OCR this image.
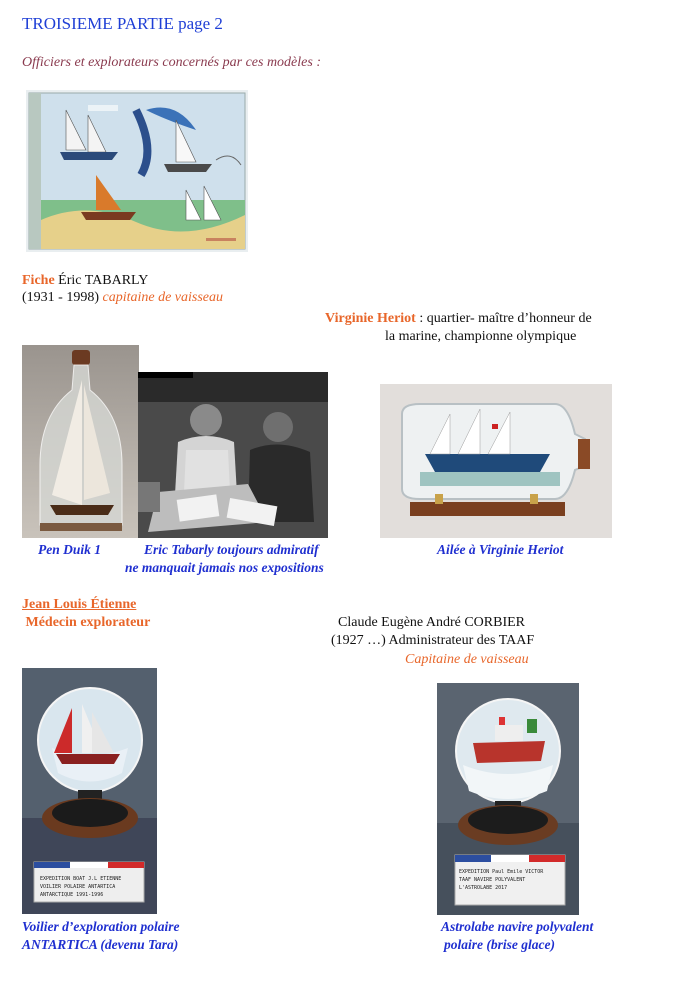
TROISIEME PARTIE page 2
Officiers et explorateurs concernés par ces modèles :
Fiche Éric TABARLY
(1931 - 1998) capitaine de vaisseau
Virginie Heriot : quartier- maître d’honneur de
la marine, championne olympique
Pen Duik 1	Eric Tabarly toujours admiratif
ne manquait jamais nos expositions
Ailée à Virginie Heriot
Jean Louis Étienne
Médecin explorateur	Claude Eugène André CORBIER
(1927 …) Administrateur des TAAF
Capitaine de vaisseau
EXPEDITION BOAT J.L ETIENNE
VOILIER POLAIRE ANTARTICA
ANTARCTIQUE 1991-1996
EXPEDITION Paul Emile VICTOR
TAAF NAVIRE POLYVALENT
L'ASTROLABE 2017
Voilier d’exploration polaire
ANTARTICA (devenu Tara)
Astrolabe navire polyvalent
polaire (brise glace)
